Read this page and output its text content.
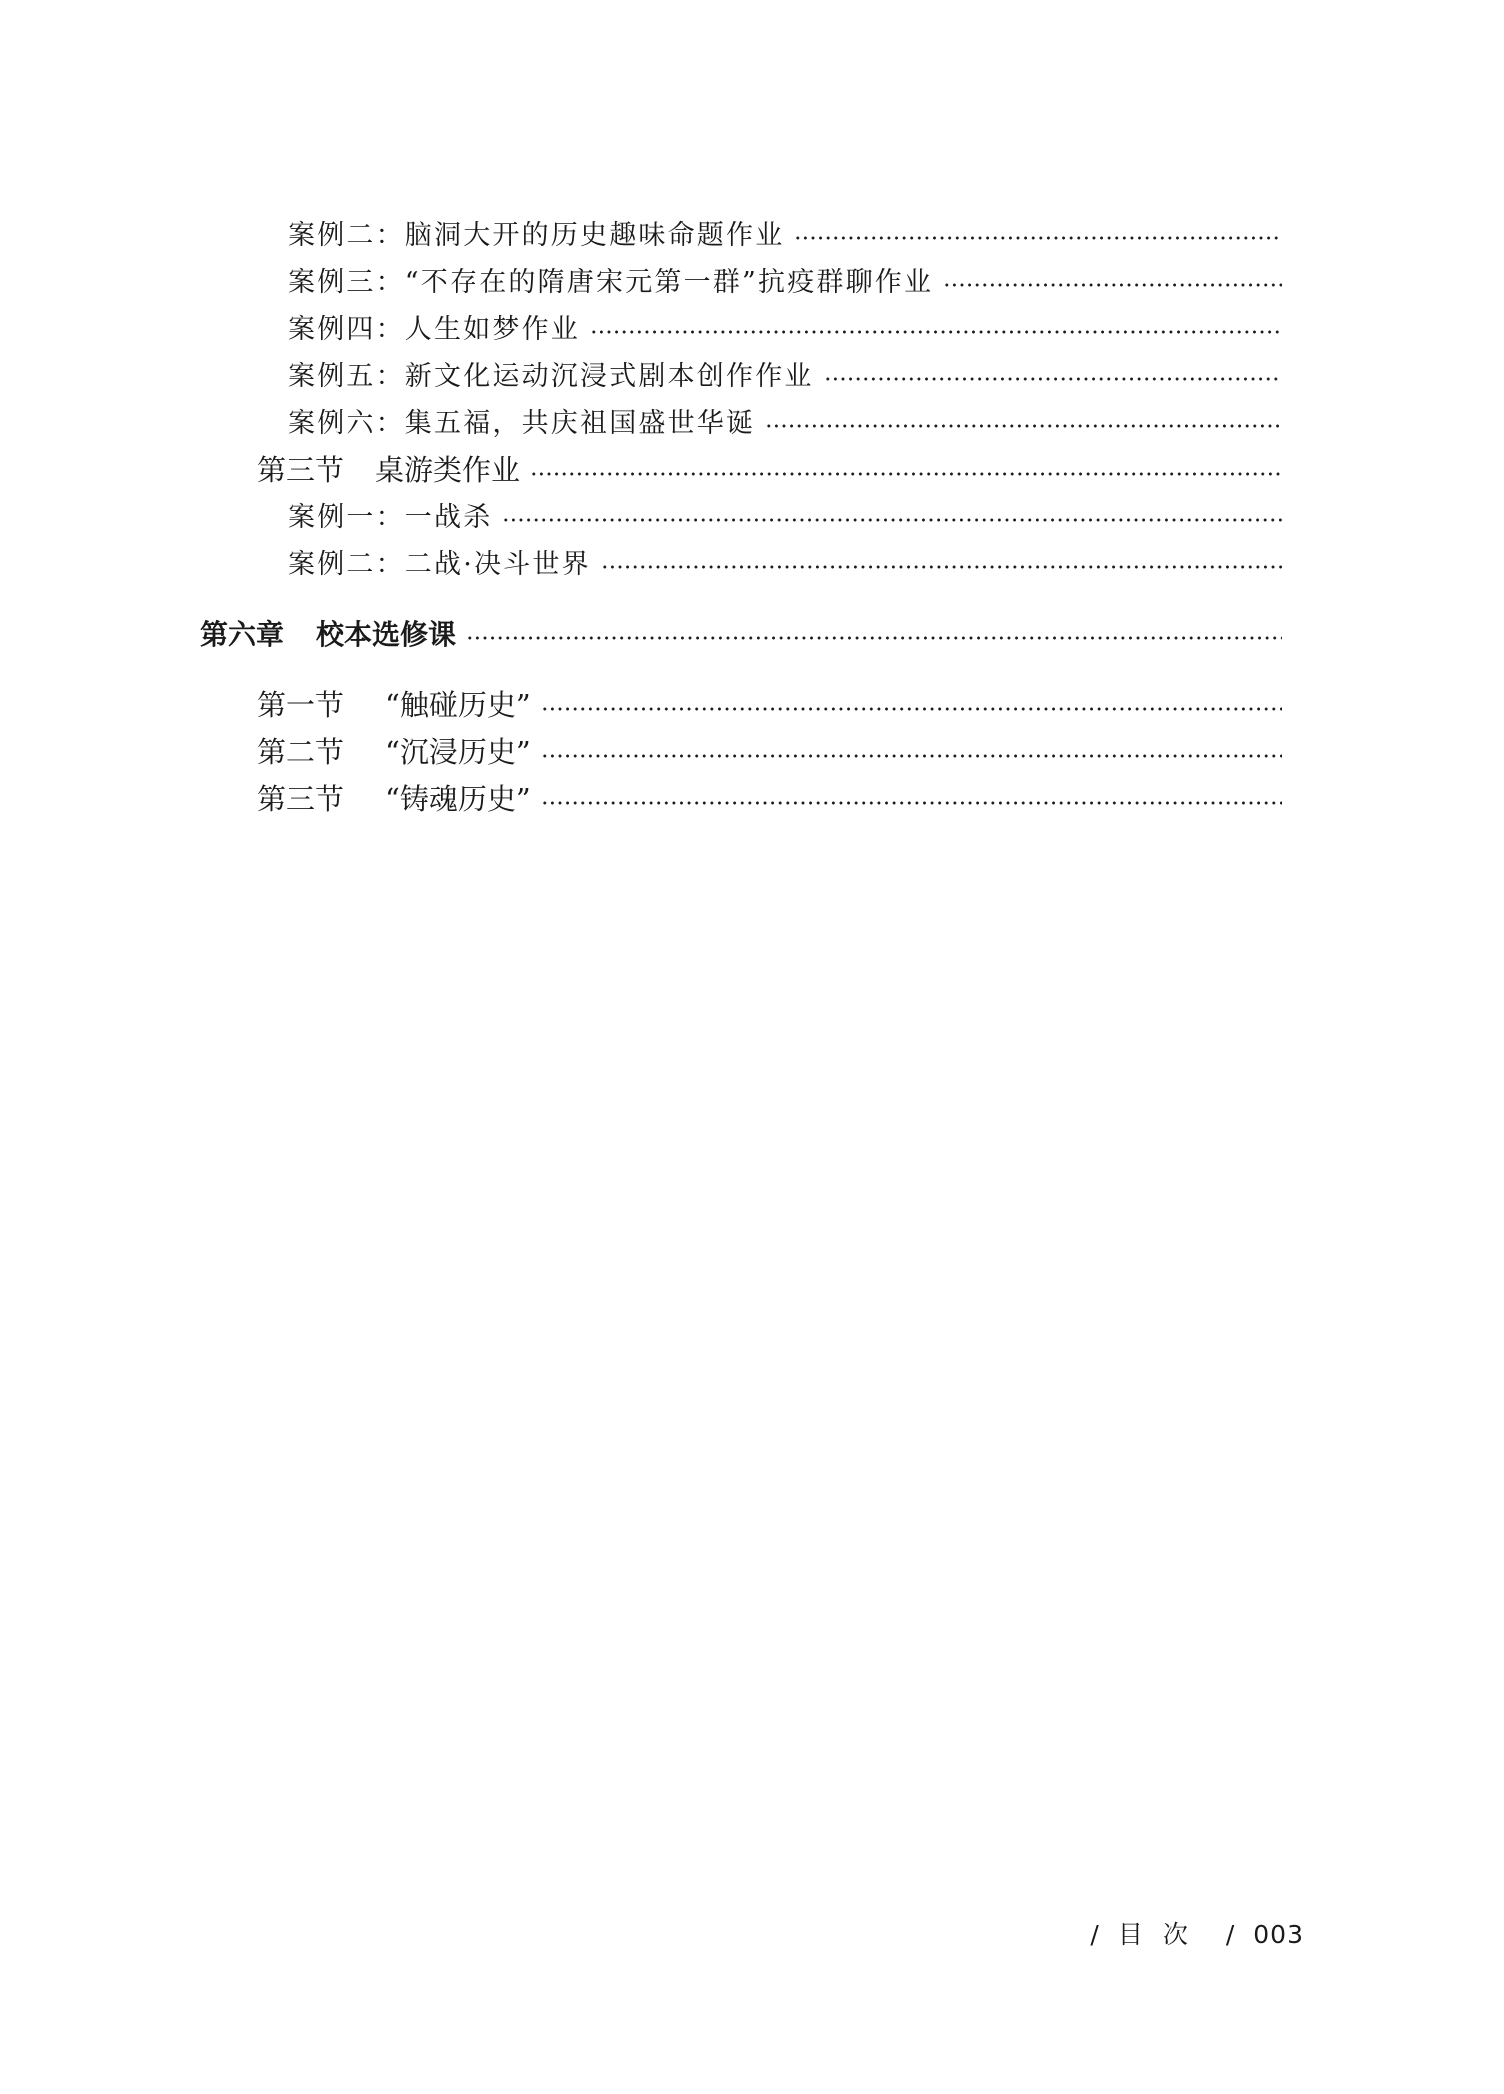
案例二：脑洞大开的历史趣味命题作业
案例三：“不存在的隋唐宋元第一群”抗疫群聊作业
案例四：人生如梦作业
案例五：新文化运动沉浸式剧本创作作业
案例六：集五福，共庆祖国盛世华诞
第三节 桌游类作业
案例一：一战杀
案例二：二战·决斗世界
第六章 校本选修课
第一节 “触碰历史”
第二节 “沉浸历史”
第三节 “铸魂历史”
/ 目次 / 003
